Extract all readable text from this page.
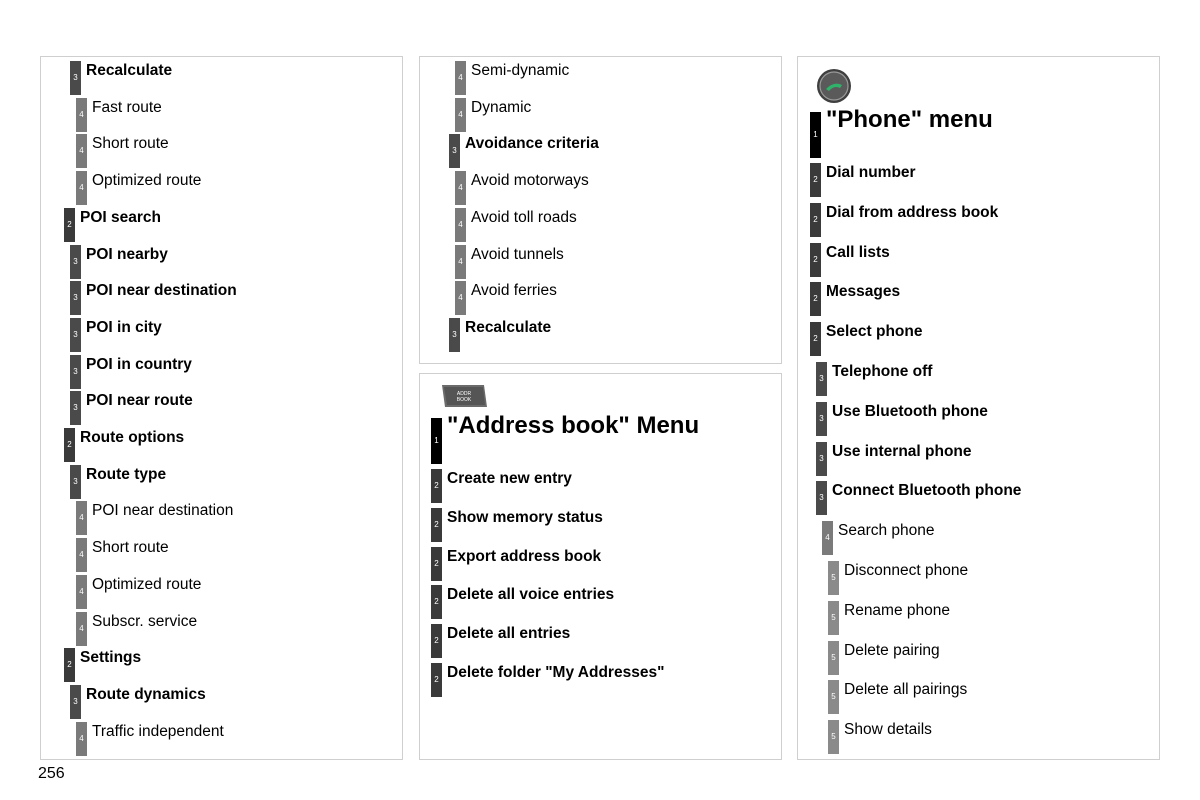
ADDR
BOOK
256
3 Recalculate
4 Fast route
4 Short route
4 Optimized route
2 POI search
3 POI nearby
3 POI near destination
3 POI in city
3 POI in country
3 POI near route
2 Route options
3 Route type
4 POI near destination
4 Short route
4 Optimized route
4 Subscr. service
2 Settings
3 Route dynamics
4 Traffic independent
4 Semi-dynamic
4 Dynamic
3 Avoidance criteria
4 Avoid motorways
4 Avoid toll roads
4 Avoid tunnels
4 Avoid ferries
3 Recalculate
1
"Address book" Menu
2 Create new entry
2 Show memory status
2 Export address book
2 Delete all voice entries
2 Delete all entries
2 Delete folder "My Addresses"
1
"Phone" menu
2 Dial number
2 Dial from address book
2 Call lists
2 Messages
2 Select phone
3 Telephone off
3 Use Bluetooth phone
3 Use internal phone
3 Connect Bluetooth phone
4 Search phone
5 Disconnect phone
5 Rename phone
5 Delete pairing
5 Delete all pairings
5 Show details
